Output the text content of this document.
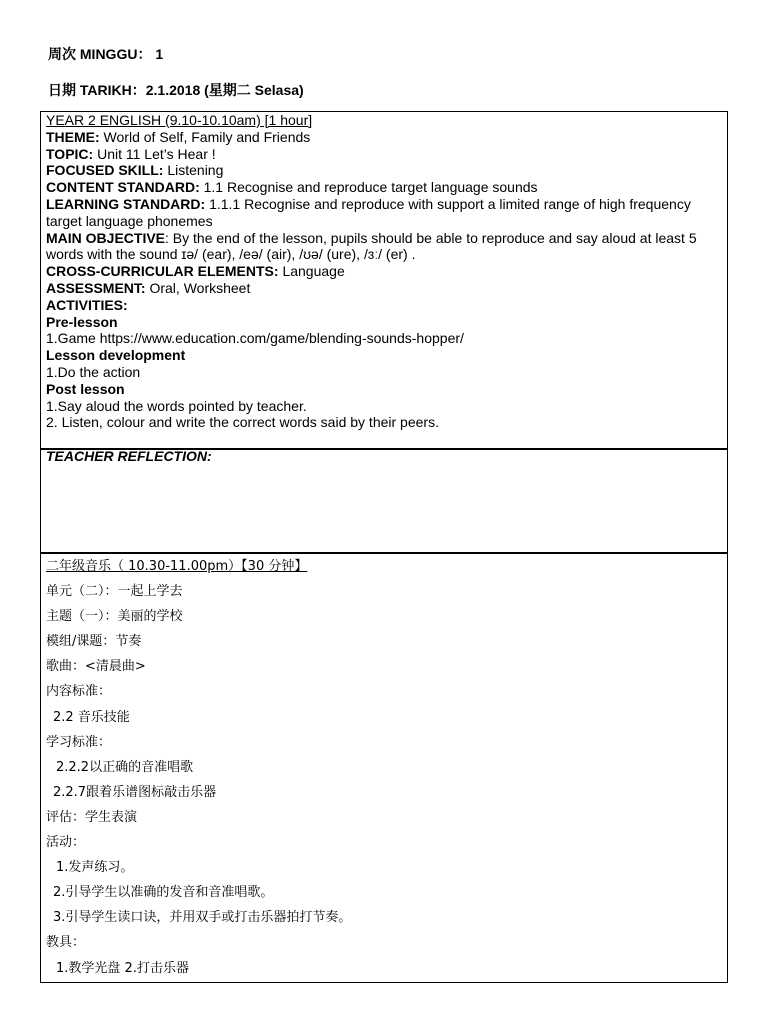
周次 MINGGU： 1
日期 TARIKH：2.1.2018 (星期二 Selasa)
YEAR 2 ENGLISH (9.10-10.10am) [1 hour]
THEME: World of Self, Family and Friends
TOPIC: Unit 11 Let’s Hear !
FOCUSED SKILL: Listening
CONTENT STANDARD: 1.1 Recognise and reproduce target language sounds
LEARNING STANDARD: 1.1.1 Recognise and reproduce with support a limited range of high frequency target language phonemes
MAIN OBJECTIVE: By the end of the lesson, pupils should be able to reproduce and say aloud at least 5 words with the sound ɪə/ (ear), /eə/ (air), /ʊə/ (ure), /ɜː/ (er) .
CROSS-CURRICULAR ELEMENTS: Language
ASSESSMENT: Oral, Worksheet
ACTIVITIES:
Pre-lesson
1.Game https://www.education.com/game/blending-sounds-hopper/
Lesson development
1.Do the action
Post lesson
1.Say aloud the words pointed by teacher.
2. Listen, colour and write the correct words said by their peers.
TEACHER REFLECTION:
二年级音乐（ 10.30-11.00pm）【30 分钟】
单元（二）：一起上学去
主题（一）：美丽的学校
模组/课题：节奏
歌曲：<清晨曲>
内容标准：
2.2 音乐技能
学习标准：
2.2.2以正确的音准唱歌
2.2.7跟着乐谱图标敲击乐器
评估：学生表演
活动：
1.发声练习。
2.引导学生以准确的发音和音准唱歌。
3.引导学生读口诀，并用双手或打击乐器拍打节奏。
教具：
1.教学光盘 2.打击乐器
